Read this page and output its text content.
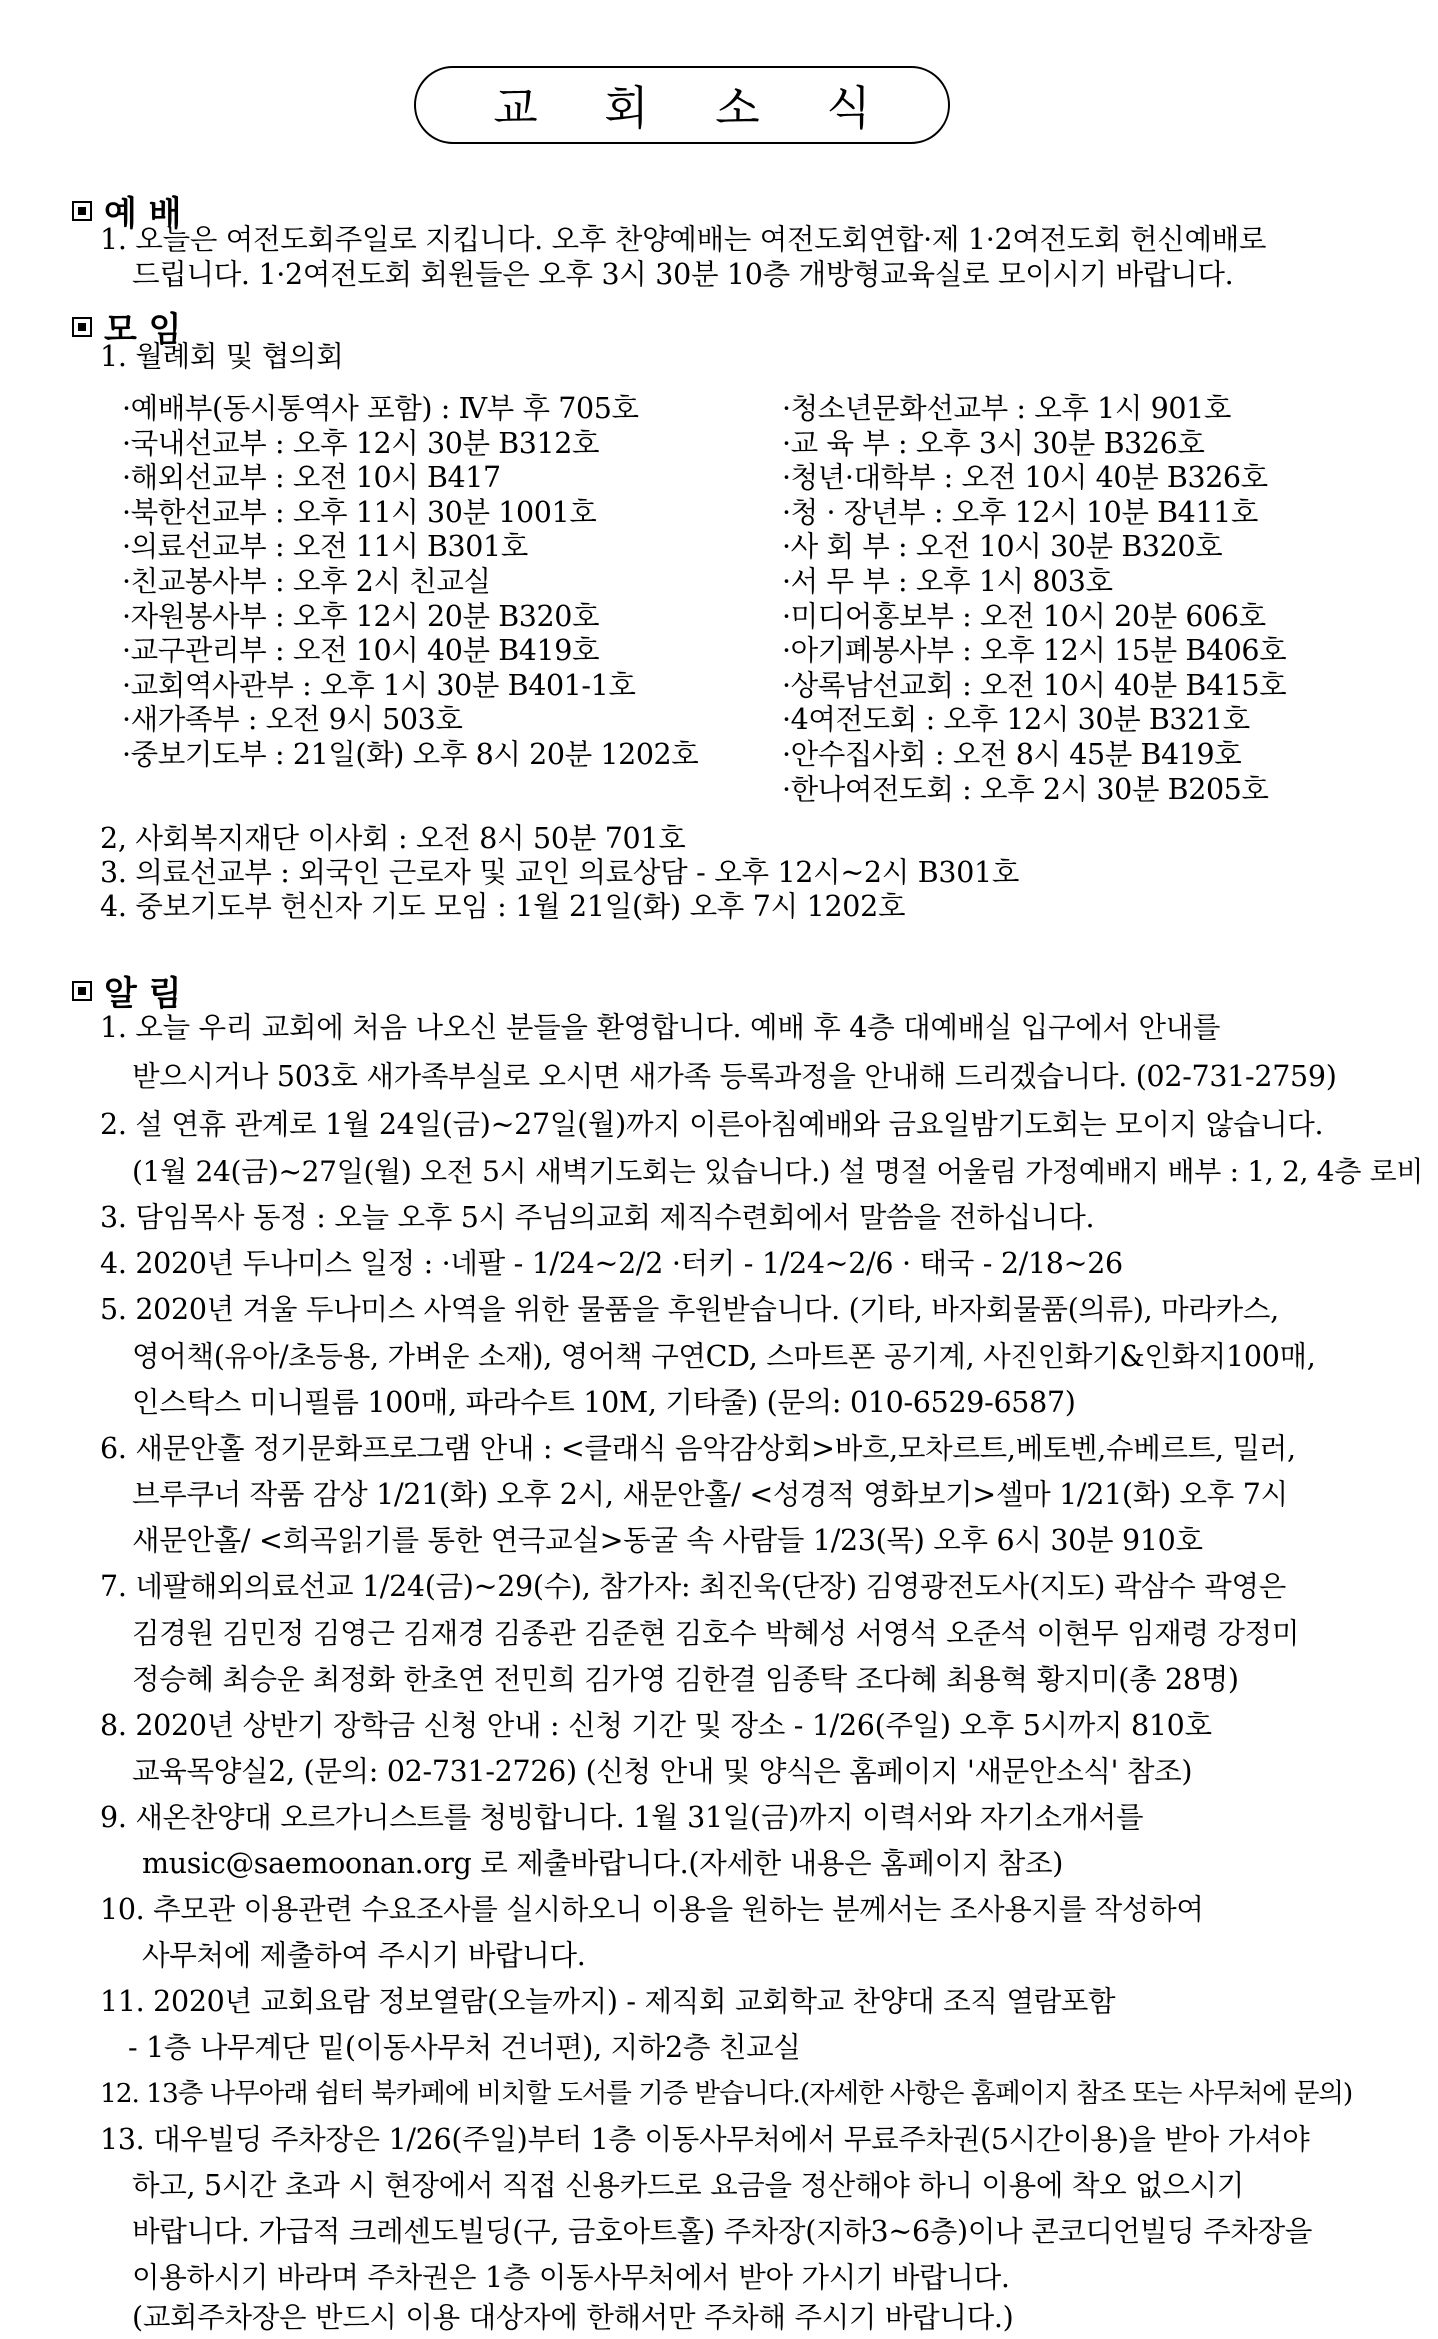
교 회 소 식
예 배
1. 오늘은 여전도회주일로 지킵니다. 오후 찬양예배는 여전도회연합·제 1·2여전도회 헌신예배로
드립니다. 1·2여전도회 회원들은 오후 3시 30분 10층 개방형교육실로 모이시기 바랍니다.
모 임
1. 월례회 및 협의회
·예배부(동시통역사 포함) : Ⅳ부 후 705호
·국내선교부 : 오후 12시 30분 B312호
·해외선교부 : 오전 10시 B417
·북한선교부 : 오후 11시 30분 1001호
·의료선교부 : 오전 11시 B301호
·친교봉사부 : 오후 2시 친교실
·자원봉사부 : 오후 12시 20분 B320호
·교구관리부 : 오전 10시 40분 B419호
·교회역사관부 : 오후 1시 30분 B401-1호
·새가족부 : 오전 9시 503호
·중보기도부 : 21일(화) 오후 8시 20분 1202호
·청소년문화선교부 : 오후 1시 901호
·교 육 부 : 오후 3시 30분 B326호
·청년·대학부 : 오전 10시 40분 B326호
·청 · 장년부 : 오후 12시 10분 B411호
·사 회 부 : 오전 10시 30분 B320호
·서 무 부 : 오후 1시 803호
·미디어홍보부 : 오전 10시 20분 606호
·아기폐봉사부 : 오후 12시 15분 B406호
·상록남선교회 : 오전 10시 40분 B415호
·4여전도회 : 오후 12시 30분 B321호
·안수집사회 : 오전 8시 45분 B419호
·한나여전도회 : 오후 2시 30분 B205호
2, 사회복지재단 이사회 : 오전 8시 50분 701호
3. 의료선교부 : 외국인 근로자 및 교인 의료상담 - 오후 12시~2시 B301호
4. 중보기도부 헌신자 기도 모임 : 1월 21일(화) 오후 7시 1202호
알 림
1. 오늘 우리 교회에 처음 나오신 분들을 환영합니다. 예배 후 4층 대예배실 입구에서 안내를
받으시거나 503호 새가족부실로 오시면 새가족 등록과정을 안내해 드리겠습니다. (02-731-2759)
2. 설 연휴 관계로 1월 24일(금)~27일(월)까지 이른아침예배와 금요일밤기도회는 모이지 않습니다.
(1월 24(금)~27일(월) 오전 5시 새벽기도회는 있습니다.) 설 명절 어울림 가정예배지 배부 : 1, 2, 4층 로비
3. 담임목사 동정 : 오늘 오후 5시 주님의교회 제직수련회에서 말씀을 전하십니다.
4. 2020년 두나미스 일정 : ·네팔 - 1/24~2/2 ·터키 - 1/24~2/6 · 태국 - 2/18~26
5. 2020년 겨울 두나미스 사역을 위한 물품을 후원받습니다. (기타, 바자회물품(의류), 마라카스,
영어책(유아/초등용, 가벼운 소재), 영어책 구연CD, 스마트폰 공기계, 사진인화기&인화지100매,
인스탁스 미니필름 100매, 파라수트 10M, 기타줄) (문의: 010-6529-6587)
6. 새문안홀 정기문화프로그램 안내 : <클래식 음악감상회>바흐,모차르트,베토벤,슈베르트, 밀러,
브루쿠너 작품 감상 1/21(화) 오후 2시, 새문안홀/ <성경적 영화보기>셀마 1/21(화) 오후 7시
새문안홀/ <희곡읽기를 통한 연극교실>동굴 속 사람들 1/23(목) 오후 6시 30분 910호
7. 네팔해외의료선교 1/24(금)~29(수), 참가자: 최진욱(단장) 김영광전도사(지도) 곽삼수 곽영은
김경원 김민정 김영근 김재경 김종관 김준현 김호수 박혜성 서영석 오준석 이현무 임재령 강정미
정승혜 최승운 최정화 한초연 전민희 김가영 김한결 임종탁 조다혜 최용혁 황지미(총 28명)
8. 2020년 상반기 장학금 신청 안내 : 신청 기간 및 장소 - 1/26(주일) 오후 5시까지 810호
교육목양실2, (문의: 02-731-2726) (신청 안내 및 양식은 홈페이지 '새문안소식' 참조)
9. 새온찬양대 오르가니스트를 청빙합니다. 1월 31일(금)까지 이력서와 자기소개서를
music@saemoonan.org 로 제출바랍니다.(자세한 내용은 홈페이지 참조)
10. 추모관 이용관련 수요조사를 실시하오니 이용을 원하는 분께서는 조사용지를 작성하여
사무처에 제출하여 주시기 바랍니다.
11. 2020년 교회요람 정보열람(오늘까지) - 제직회 교회학교 찬양대 조직 열람포함
- 1층 나무계단 밑(이동사무처 건너편), 지하2층 친교실
12. 13층 나무아래 쉼터 북카페에 비치할 도서를 기증 받습니다.(자세한 사항은 홈페이지 참조 또는 사무처에 문의)
13. 대우빌딩 주차장은 1/26(주일)부터 1층 이동사무처에서 무료주차권(5시간이용)을 받아 가셔야
하고, 5시간 초과 시 현장에서 직접 신용카드로 요금을 정산해야 하니 이용에 착오 없으시기
바랍니다. 가급적 크레센도빌딩(구, 금호아트홀) 주차장(지하3~6층)이나 콘코디언빌딩 주차장을
이용하시기 바라며 주차권은 1층 이동사무처에서 받아 가시기 바랍니다.
(교회주차장은 반드시 이용 대상자에 한해서만 주차해 주시기 바랍니다.)
